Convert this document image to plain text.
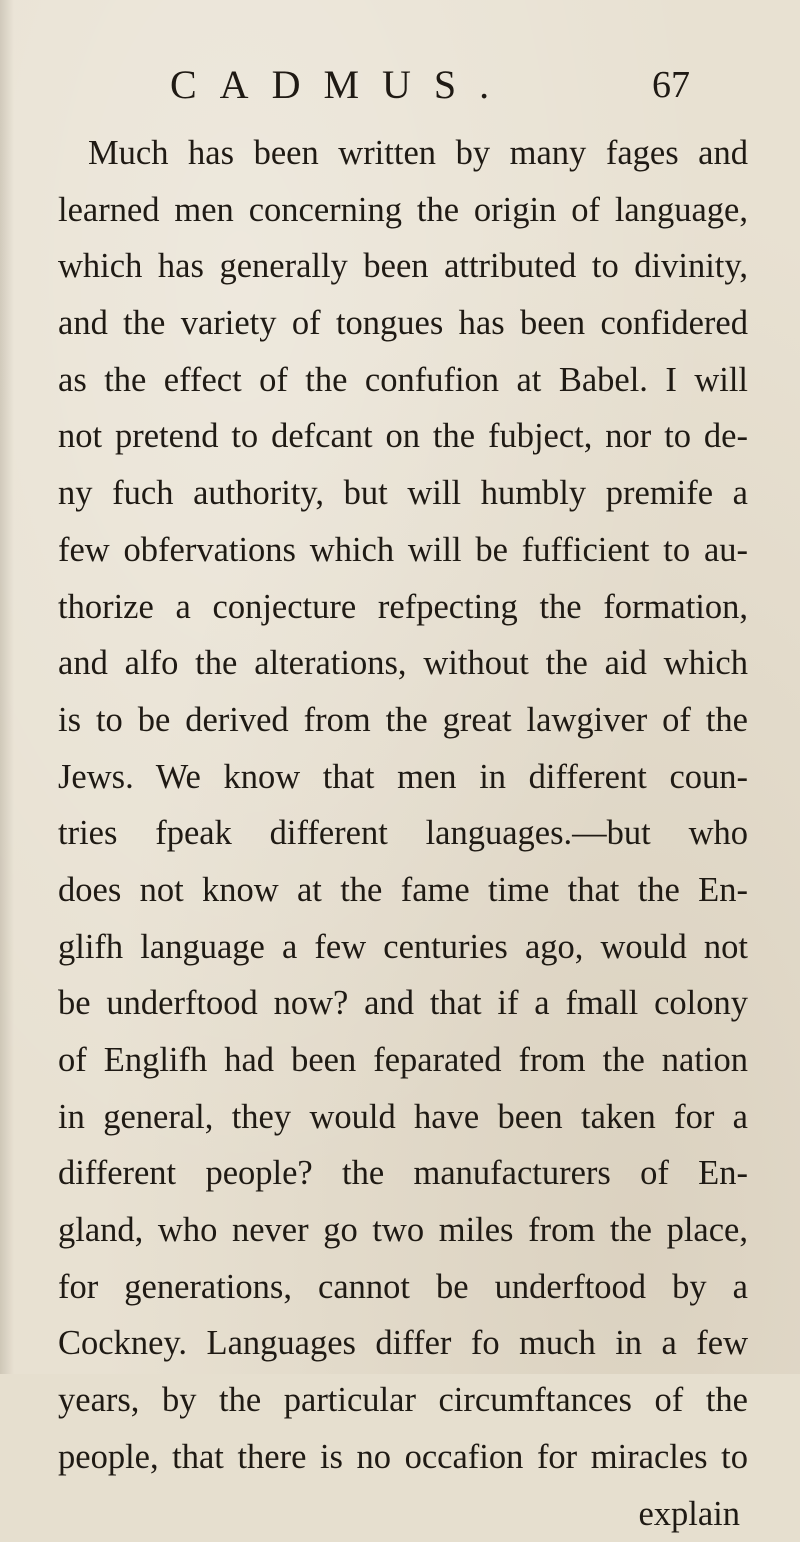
CADMUS.	67
Much has been written by many fages and
learned men concerning the origin of language,
which has generally been attributed to divinity,
and the variety of tongues has been confidered
as the effect of the confufion at Babel. I will
not pretend to defcant on the fubject, nor to de-
ny fuch authority, but will humbly premife a
few obfervations which will be fufficient to au-
thorize a conjecture refpecting the formation,
and alfo the alterations, without the aid which
is to be derived from the great lawgiver of the
Jews. We know that men in different coun-
tries fpeak different languages.—but who
does not know at the fame time that the En-
glifh language a few centuries ago, would not
be underftood now? and that if a fmall colony
of Englifh had been feparated from the nation
in general, they would have been taken for a
different people? the manufacturers of En-
gland, who never go two miles from the place,
for generations, cannot be underftood by a
Cockney. Languages differ fo much in a few
years, by the particular circumftances of the
people, that there is no occafion for miracles to
explain
